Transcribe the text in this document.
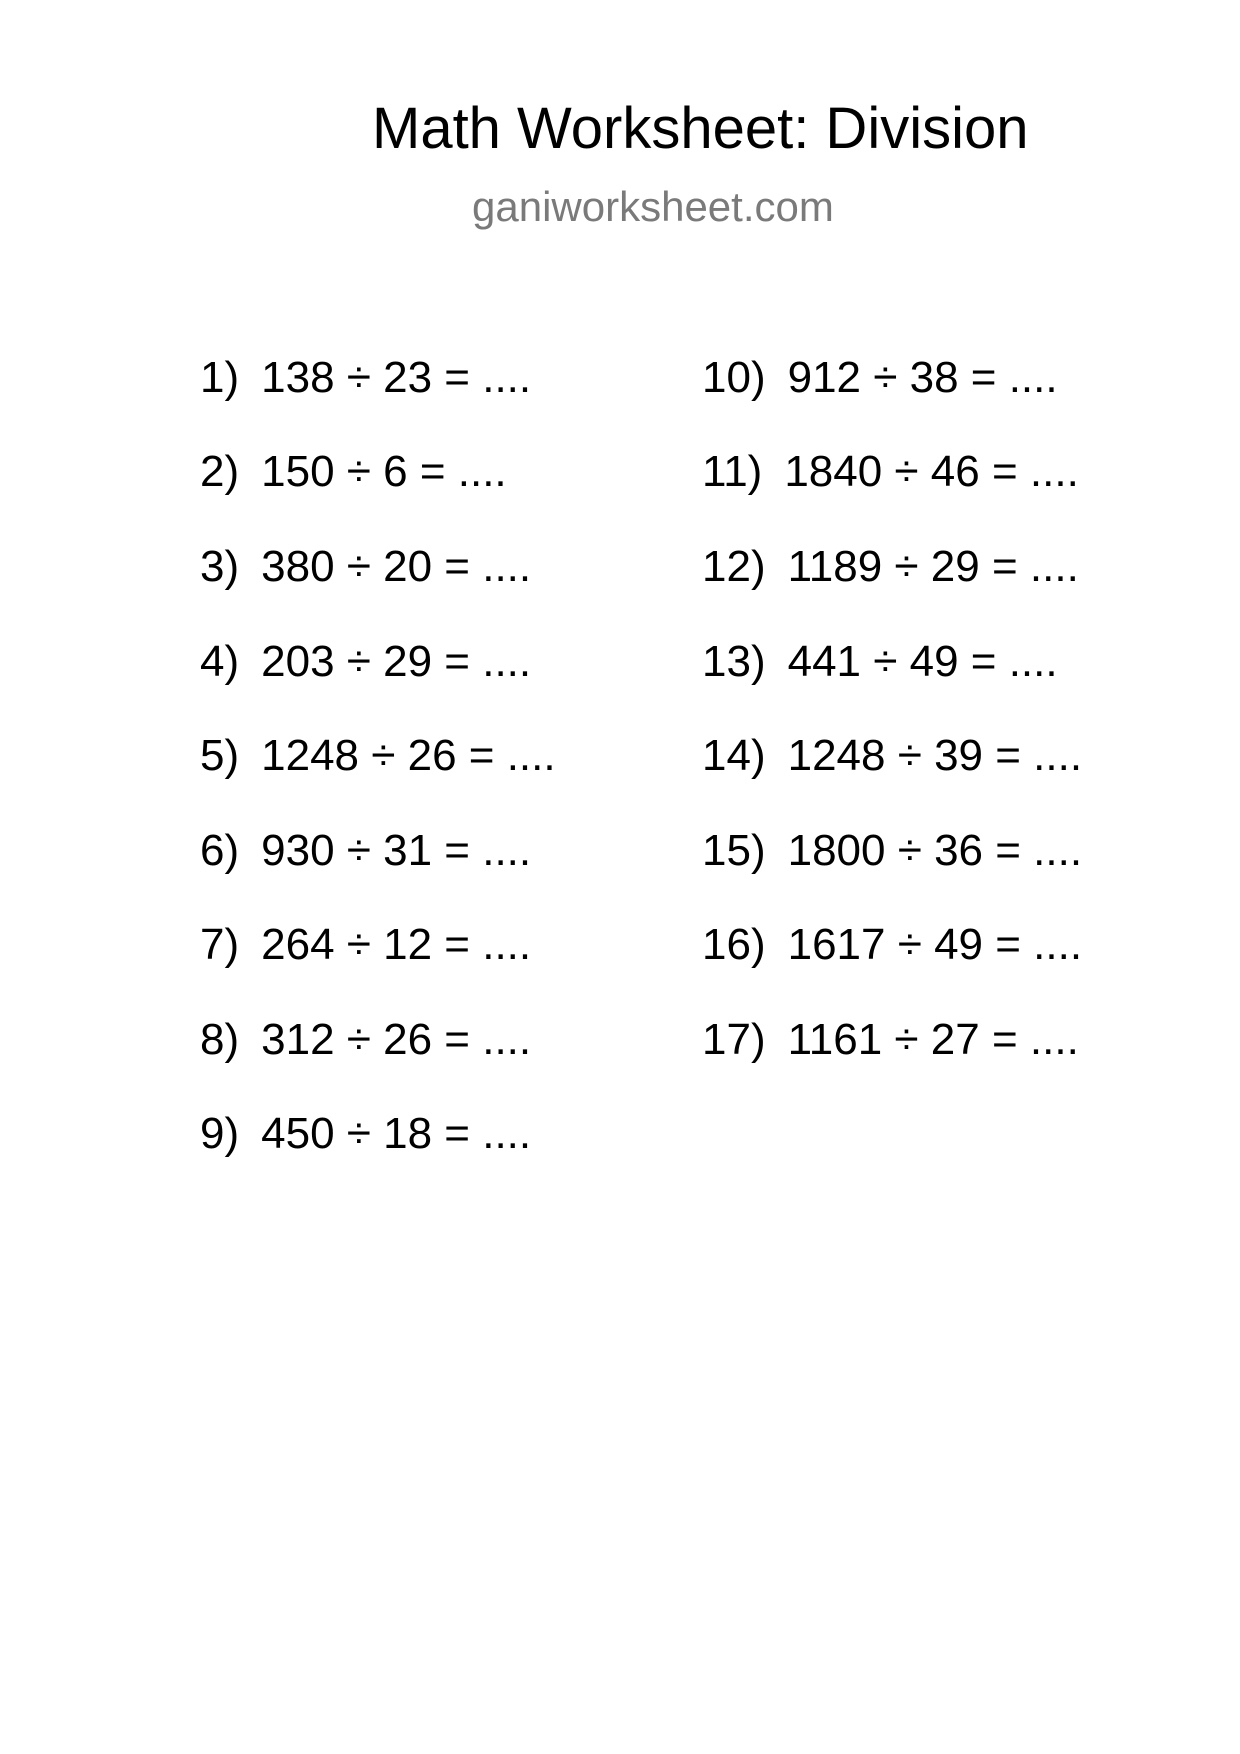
Math Worksheet: Division
ganiworksheet.com
1) 138 ÷ 23 = ....
2) 150 ÷ 6 = ....
3) 380 ÷ 20 = ....
4) 203 ÷ 29 = ....
5) 1248 ÷ 26 = ....
6) 930 ÷ 31 = ....
7) 264 ÷ 12 = ....
8) 312 ÷ 26 = ....
9) 450 ÷ 18 = ....
10) 912 ÷ 38 = ....
11) 1840 ÷ 46 = ....
12) 1189 ÷ 29 = ....
13) 441 ÷ 49 = ....
14) 1248 ÷ 39 = ....
15) 1800 ÷ 36 = ....
16) 1617 ÷ 49 = ....
17) 1161 ÷ 27 = ....
